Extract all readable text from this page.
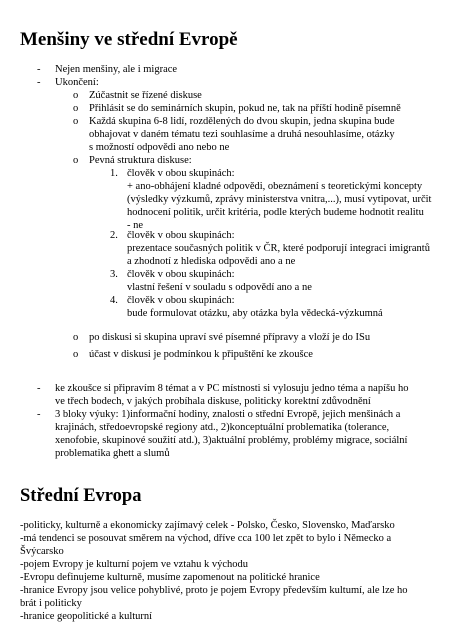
Menšiny ve střední Evropě
- Nejen menšiny, ale i migrace

- Ukončení:

o Zúčastnit se řízené diskuse

o Přihlásit se do seminárních skupin, pokud ne, tak na příští hodině písemně

o Každá skupina 6-8 lidí, rozdělených do dvou skupin, jedna skupina bude

obhajovat v daném tématu tezi souhlasíme a druhá nesouhlasíme, otázky

s možností odpovědi ano nebo ne

o Pevná struktura diskuse:

1. člověk v obou skupinách:

+ ano-obhájení kladné odpovědi, obeznámení s teoretickými koncepty

(výsledky výzkumů, zprávy ministerstva vnitra,...), musí vytipovat, určit

hodnocení politik, určit kritéria, podle kterých budeme hodnotit realitu

- ne

2. člověk v obou skupinách:

prezentace současných politik v ČR, které podporují integraci imigrantů

a zhodnotí z hlediska odpovědi ano a ne

3. člověk v obou skupinách:

vlastní řešení v souladu s odpovědí ano a ne

4. člověk v obou skupinách:

bude formulovat otázku, aby otázka byla vědecká-výzkumná

o po diskusi si skupina upraví své písemné přípravy a vloží je do ISu

o účast v diskusi je podmínkou k připuštění ke zkoušce

- ke zkoušce si připravím 8 témat a v PC místnosti si vylosuju jedno téma a napíšu ho

ve třech bodech, v jakých probíhala diskuse, politicky korektní zdůvodnění

- 3 bloky výuky: 1)informační hodiny, znalosti o střední Evropě, jejich menšinách a

krajinách, středoevropské regiony atd., 2)konceptuální problematika (tolerance,

xenofobie, skupinové soužití atd.), 3)aktuální problémy, problémy migrace, sociální

problematika ghett a slumů

Střední Evropa

-politicky, kulturně a ekonomicky zajímavý celek - Polsko, Česko, Slovensko, Maďarsko

-má tendenci se posouvat směrem na východ, dříve cca 100 let zpět to bylo i Německo a

Švýcarsko

-pojem Evropy je kulturní pojem ve vztahu k východu

-Evropu definujeme kulturně, musíme zapomenout na politické hranice

-hranice Evropy jsou velice pohyblivé, proto je pojem Evropy především kultumí, ale lze ho

brát i politicky

-hranice geopolitické a kulturní
